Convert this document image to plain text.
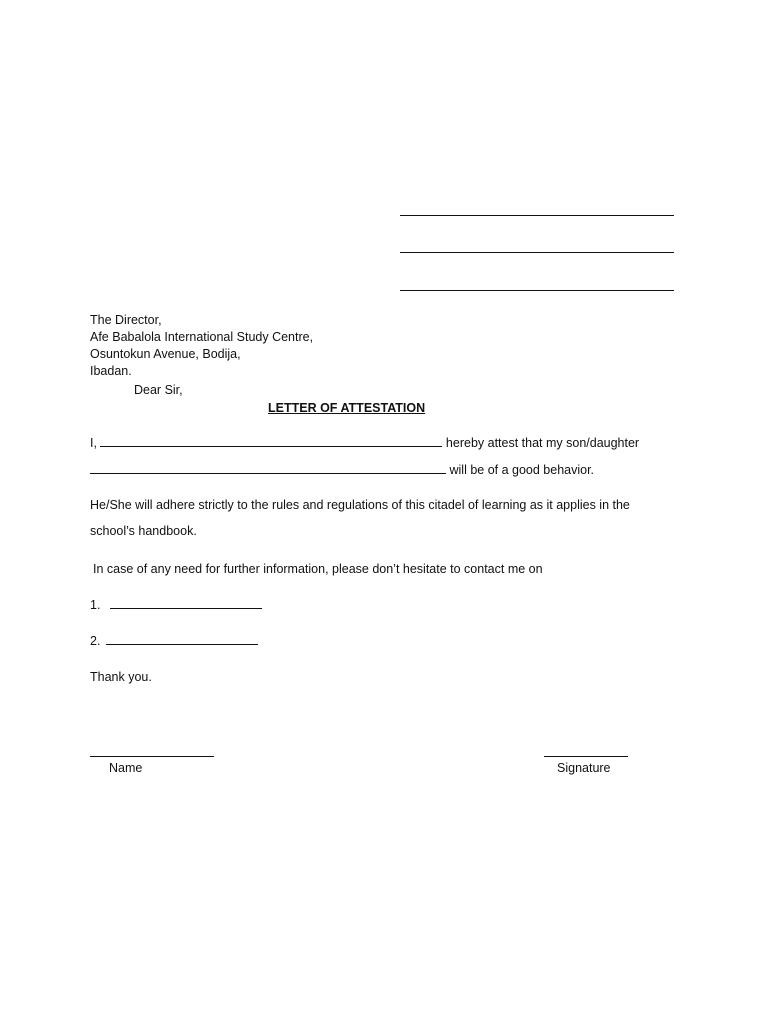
The Director,
Afe Babalola International Study Centre,
Osuntokun Avenue, Bodija,
Ibadan.
Dear Sir,
LETTER OF ATTESTATION
I,	hereby attest that my son/daughter
will be of a good behavior.
He/She will adhere strictly to the rules and regulations of this citadel of learning as it applies in the
school’s handbook.
In case of any need for further information, please don’t hesitate to contact me on
1.
2.
Thank you.
Name	Signature
